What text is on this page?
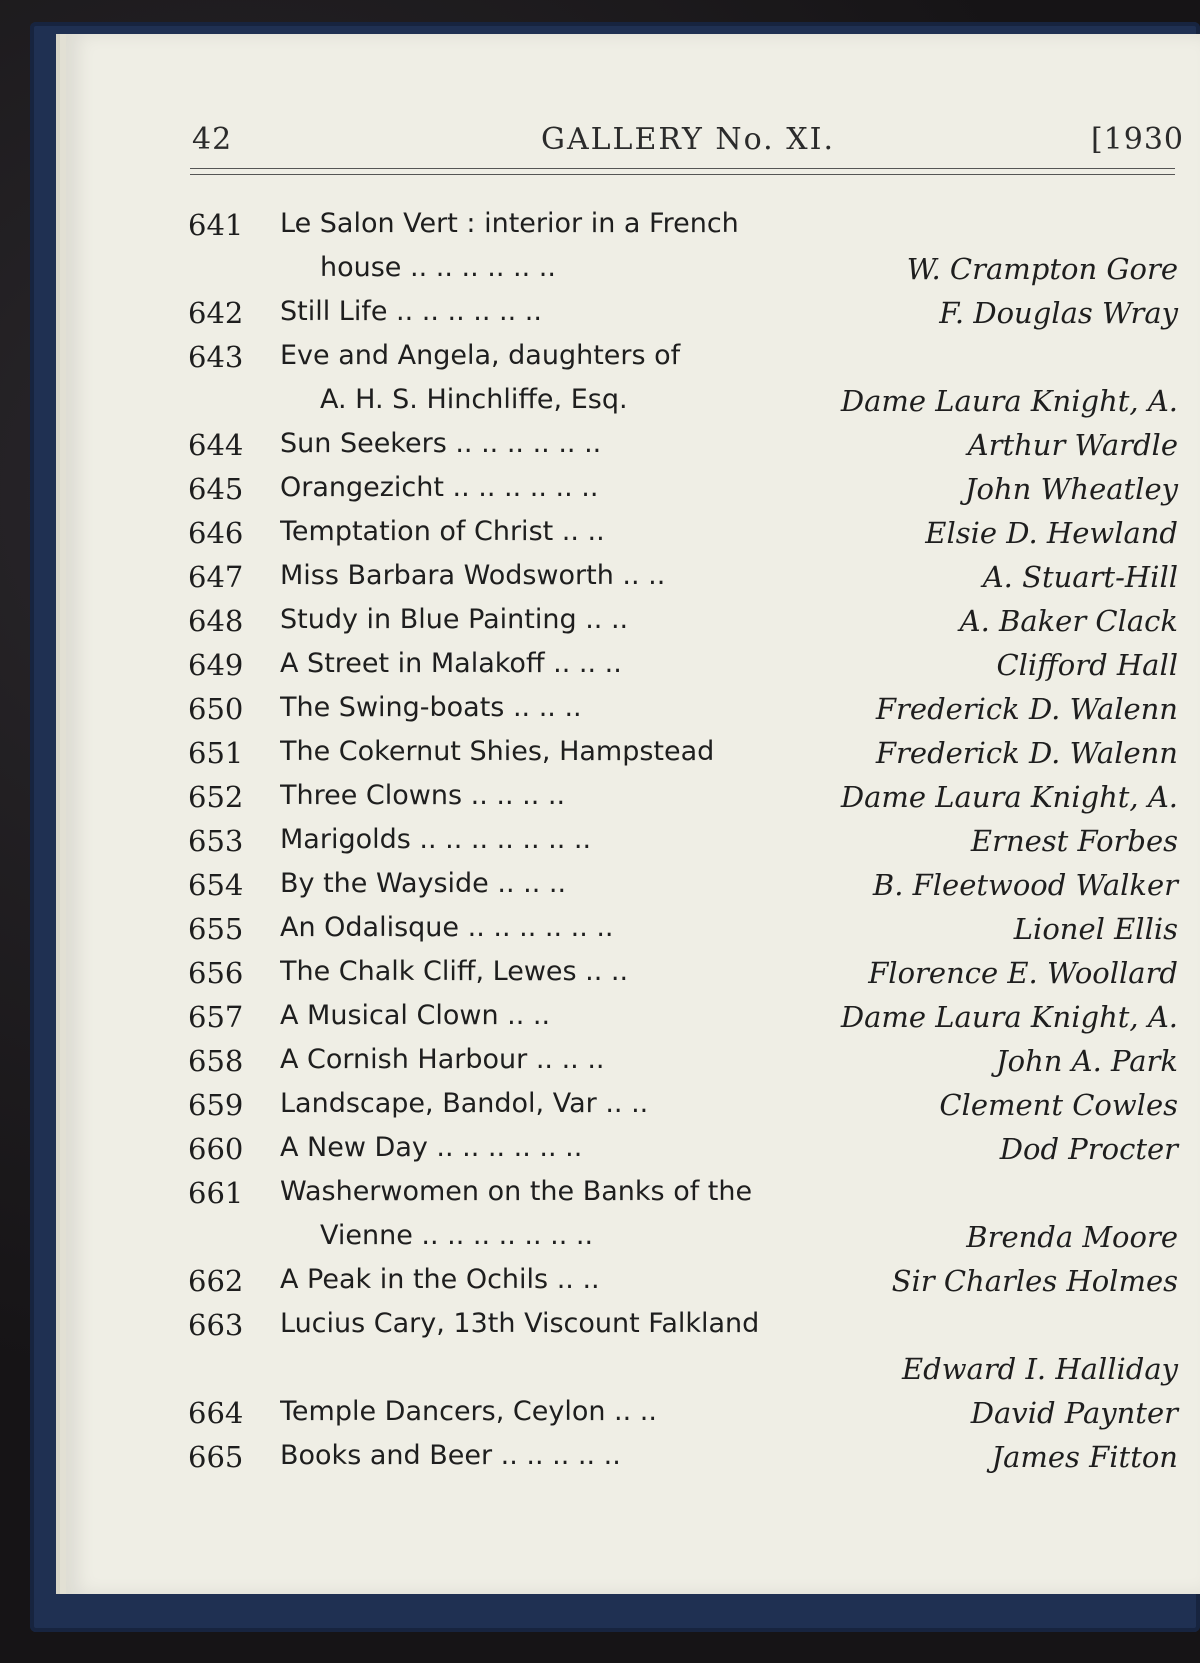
42	GALLERY No. XI.	[1930
641	Le Salon Vert : interior in a French
house .. .. .. .. .. ..	W. Crampton Gore
642	Still Life .. .. .. .. .. ..	F. Douglas Wray
643	Eve and Angela, daughters of
A. H. S. Hinchliffe, Esq.	Dame Laura Knight, A.
644	Sun Seekers .. .. .. .. .. ..	Arthur Wardle
645	Orangezicht .. .. .. .. .. ..	John Wheatley
646	Temptation of Christ .. ..	Elsie D. Hewland
647	Miss Barbara Wodsworth .. ..	A. Stuart-Hill
648	Study in Blue Painting .. ..	A. Baker Clack
649	A Street in Malakoff .. .. ..	Clifford Hall
650	The Swing-boats .. .. ..	Frederick D. Walenn
651	The Cokernut Shies, Hampstead	Frederick D. Walenn
652	Three Clowns .. .. .. ..	Dame Laura Knight, A.
653	Marigolds .. .. .. .. .. .. ..	Ernest Forbes
654	By the Wayside .. .. ..	B. Fleetwood Walker
655	An Odalisque .. .. .. .. .. ..	Lionel Ellis
656	The Chalk Cliff, Lewes .. ..	Florence E. Woollard
657	A Musical Clown .. ..	Dame Laura Knight, A.
658	A Cornish Harbour .. .. ..	John A. Park
659	Landscape, Bandol, Var .. ..	Clement Cowles
660	A New Day .. .. .. .. .. ..	Dod Procter
661	Washerwomen on the Banks of the
Vienne .. .. .. .. .. .. ..	Brenda Moore
662	A Peak in the Ochils .. ..	Sir Charles Holmes
663	Lucius Cary, 13th Viscount Falkland
Edward I. Halliday
664	Temple Dancers, Ceylon .. ..	David Paynter
665	Books and Beer .. .. .. .. ..	James Fitton
